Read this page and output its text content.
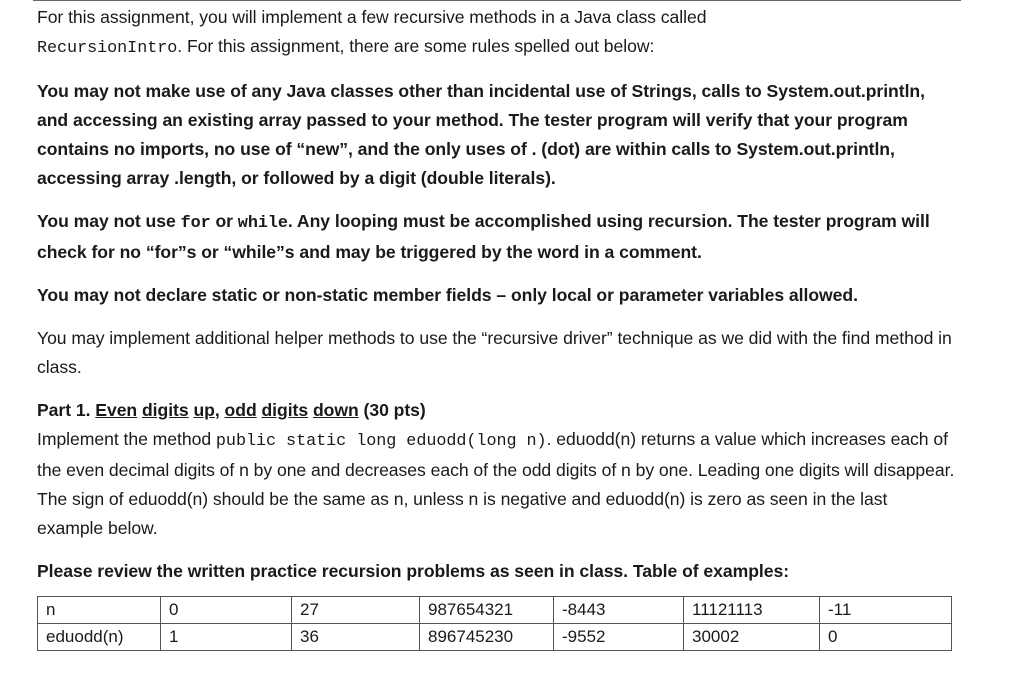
For this assignment, you will implement a few recursive methods in a Java class called
RecursionIntro. For this assignment, there are some rules spelled out below:

You may not make use of any Java classes other than incidental use of Strings, calls to System.out.println, and accessing an existing array passed to your method. The tester program will verify that your program contains no imports, no use of “new”, and the only uses of . (dot) are within calls to System.out.println, accessing array .length, or followed by a digit (double literals).

You may not use for or while. Any looping must be accomplished using recursion. The tester program will check for no “for”s or “while”s and may be triggered by the word in a comment.

You may not declare static or non-static member fields – only local or parameter variables allowed.

You may implement additional helper methods to use the “recursive driver” technique as we did with the find method in class.

Part 1. Even digits up, odd digits down (30 pts)
Implement the method public static long eduodd(long n). eduodd(n) returns a value which increases each of the even decimal digits of n by one and decreases each of the odd digits of n by one. Leading one digits will disappear. The sign of eduodd(n) should be the same as n, unless n is negative and eduodd(n) is zero as seen in the last example below.

Please review the written practice recursion problems as seen in class. Table of examples:

n	0	27	987654321	-8443	11121113	-11
eduodd(n)	1	36	896745230	-9552	30002	0
